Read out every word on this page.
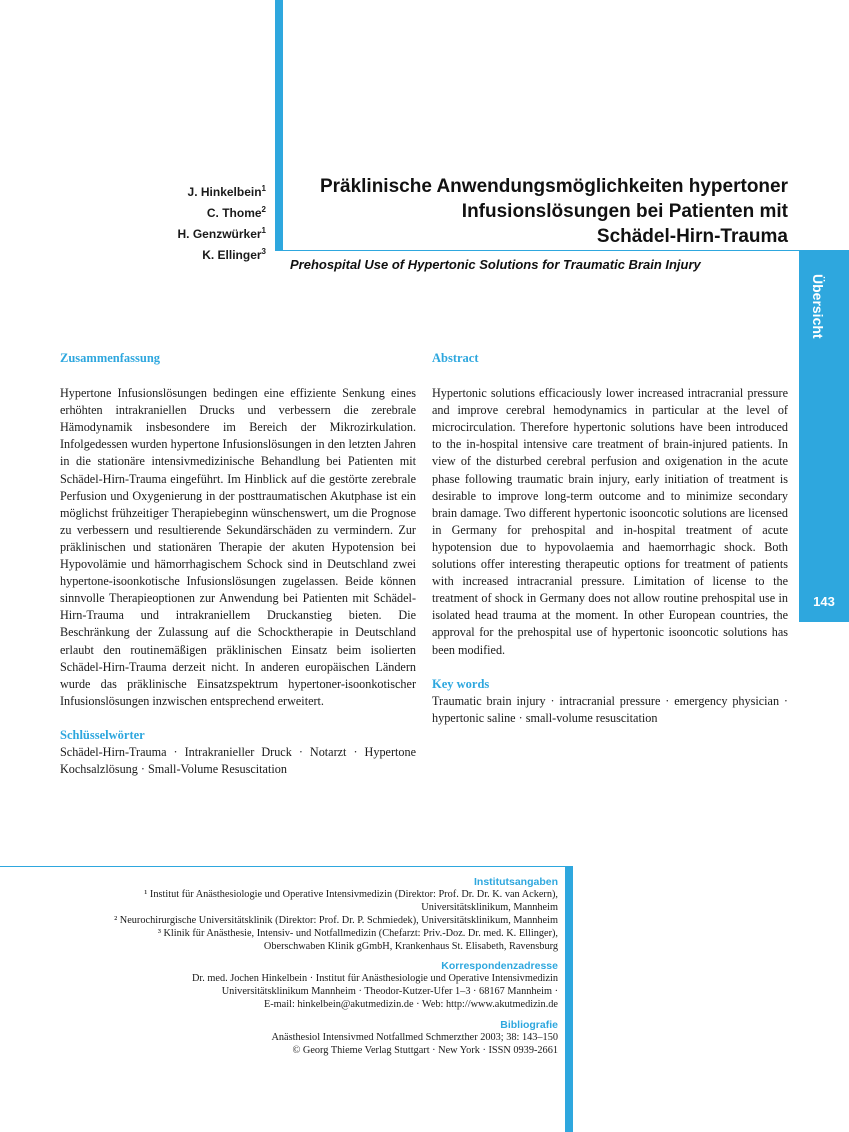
Übersicht
143
J. Hinkelbein$^1$
C. Thome$^2$
H. Genzwürker$^1$
K. Ellinger$^3$
Präklinische Anwendungsmöglichkeiten hypertoner
Infusionslösungen bei Patienten mit
Schädel-Hirn-Trauma
Prehospital Use of Hypertonic Solutions for Traumatic Brain Injury
Zusammenfassung

Hypertone Infusionslösungen bedingen eine effiziente Senkung eines erhöhten intrakraniellen Drucks und verbessern die zerebrale Hämodynamik insbesondere im Bereich der Mikrozirkulation. Infolgedessen wurden hypertone Infusionslösungen in den letzten Jahren in die stationäre intensivmedizinische Behandlung bei Patienten mit Schädel-Hirn-Trauma eingeführt. Im Hinblick auf die gestörte zerebrale Perfusion und Oxygenierung in der posttraumatischen Akutphase ist ein möglichst frühzeitiger Therapiebeginn wünschenswert, um die Prognose zu verbessern und resultierende Sekundärschäden zu vermindern. Zur präklinischen und stationären Therapie der akuten Hypotension bei Hypovolämie und hämorrhagischem Schock sind in Deutschland zwei hypertone-isoonkotische Infusionslösungen zugelassen. Beide können sinnvolle Therapieoptionen zur Anwendung bei Patienten mit Schädel-Hirn-Trauma und intrakraniellem Druckanstieg bieten. Die Beschränkung der Zulassung auf die Schocktherapie in Deutschland erlaubt den routinemäßigen präklinischen Einsatz beim isolierten Schädel-Hirn-Trauma derzeit nicht. In anderen europäischen Ländern wurde das präklinische Einsatzspektrum hypertoner-isoonkotischer Infusionslösungen inzwischen entsprechend erweitert.

Schlüsselwörter

Schädel-Hirn-Trauma · Intrakranieller Druck · Notarzt · Hypertone Kochsalzlösung · Small-Volume Resuscitation

Abstract

Hypertonic solutions efficaciously lower increased intracranial pressure and improve cerebral hemodynamics in particular at the level of microcirculation. Therefore hypertonic solutions have been introduced to the in-hospital intensive care treatment of brain-injured patients. In view of the disturbed cerebral perfusion and oxigenation in the acute phase following traumatic brain injury, early initiation of treatment is desirable to improve long-term outcome and to minimize secondary brain damage. Two different hypertonic isooncotic solutions are licensed in Germany for prehospital and in-hospital treatment of acute hypotension due to hypovolaemia and haemorrhagic shock. Both solutions offer interesting therapeutic options for treatment of patients with increased intracranial pressure. Limitation of license to the treatment of shock in Germany does not allow routine prehospital use in isolated head trauma at the moment. In other European countries, the approval for the prehospital use of hypertonic isooncotic solutions has been modified.

Key words

Traumatic brain injury · intracranial pressure · emergency physician · hypertonic saline · small-volume resuscitation

Institutsangaben
¹ Institut für Anästhesiologie und Operative Intensivmedizin (Direktor: Prof. Dr. Dr. K. van Ackern),
Universitätsklinikum, Mannheim
² Neurochirurgische Universitätsklinik (Direktor: Prof. Dr. P. Schmiedek), Universitätsklinikum, Mannheim
³ Klinik für Anästhesie, Intensiv- und Notfallmedizin (Chefarzt: Priv.-Doz. Dr. med. K. Ellinger),
Oberschwaben Klinik gGmbH, Krankenhaus St. Elisabeth, Ravensburg
Korrespondenzadresse
Dr. med. Jochen Hinkelbein · Institut für Anästhesiologie und Operative Intensivmedizin
Universitätsklinikum Mannheim · Theodor-Kutzer-Ufer 1–3 · 68167 Mannheim ·
E-mail: hinkelbein@akutmedizin.de · Web: http://www.akutmedizin.de
Bibliografie
Anästhesiol Intensivmed Notfallmed Schmerzther 2003; 38: 143–150
© Georg Thieme Verlag Stuttgart · New York · ISSN 0939-2661
